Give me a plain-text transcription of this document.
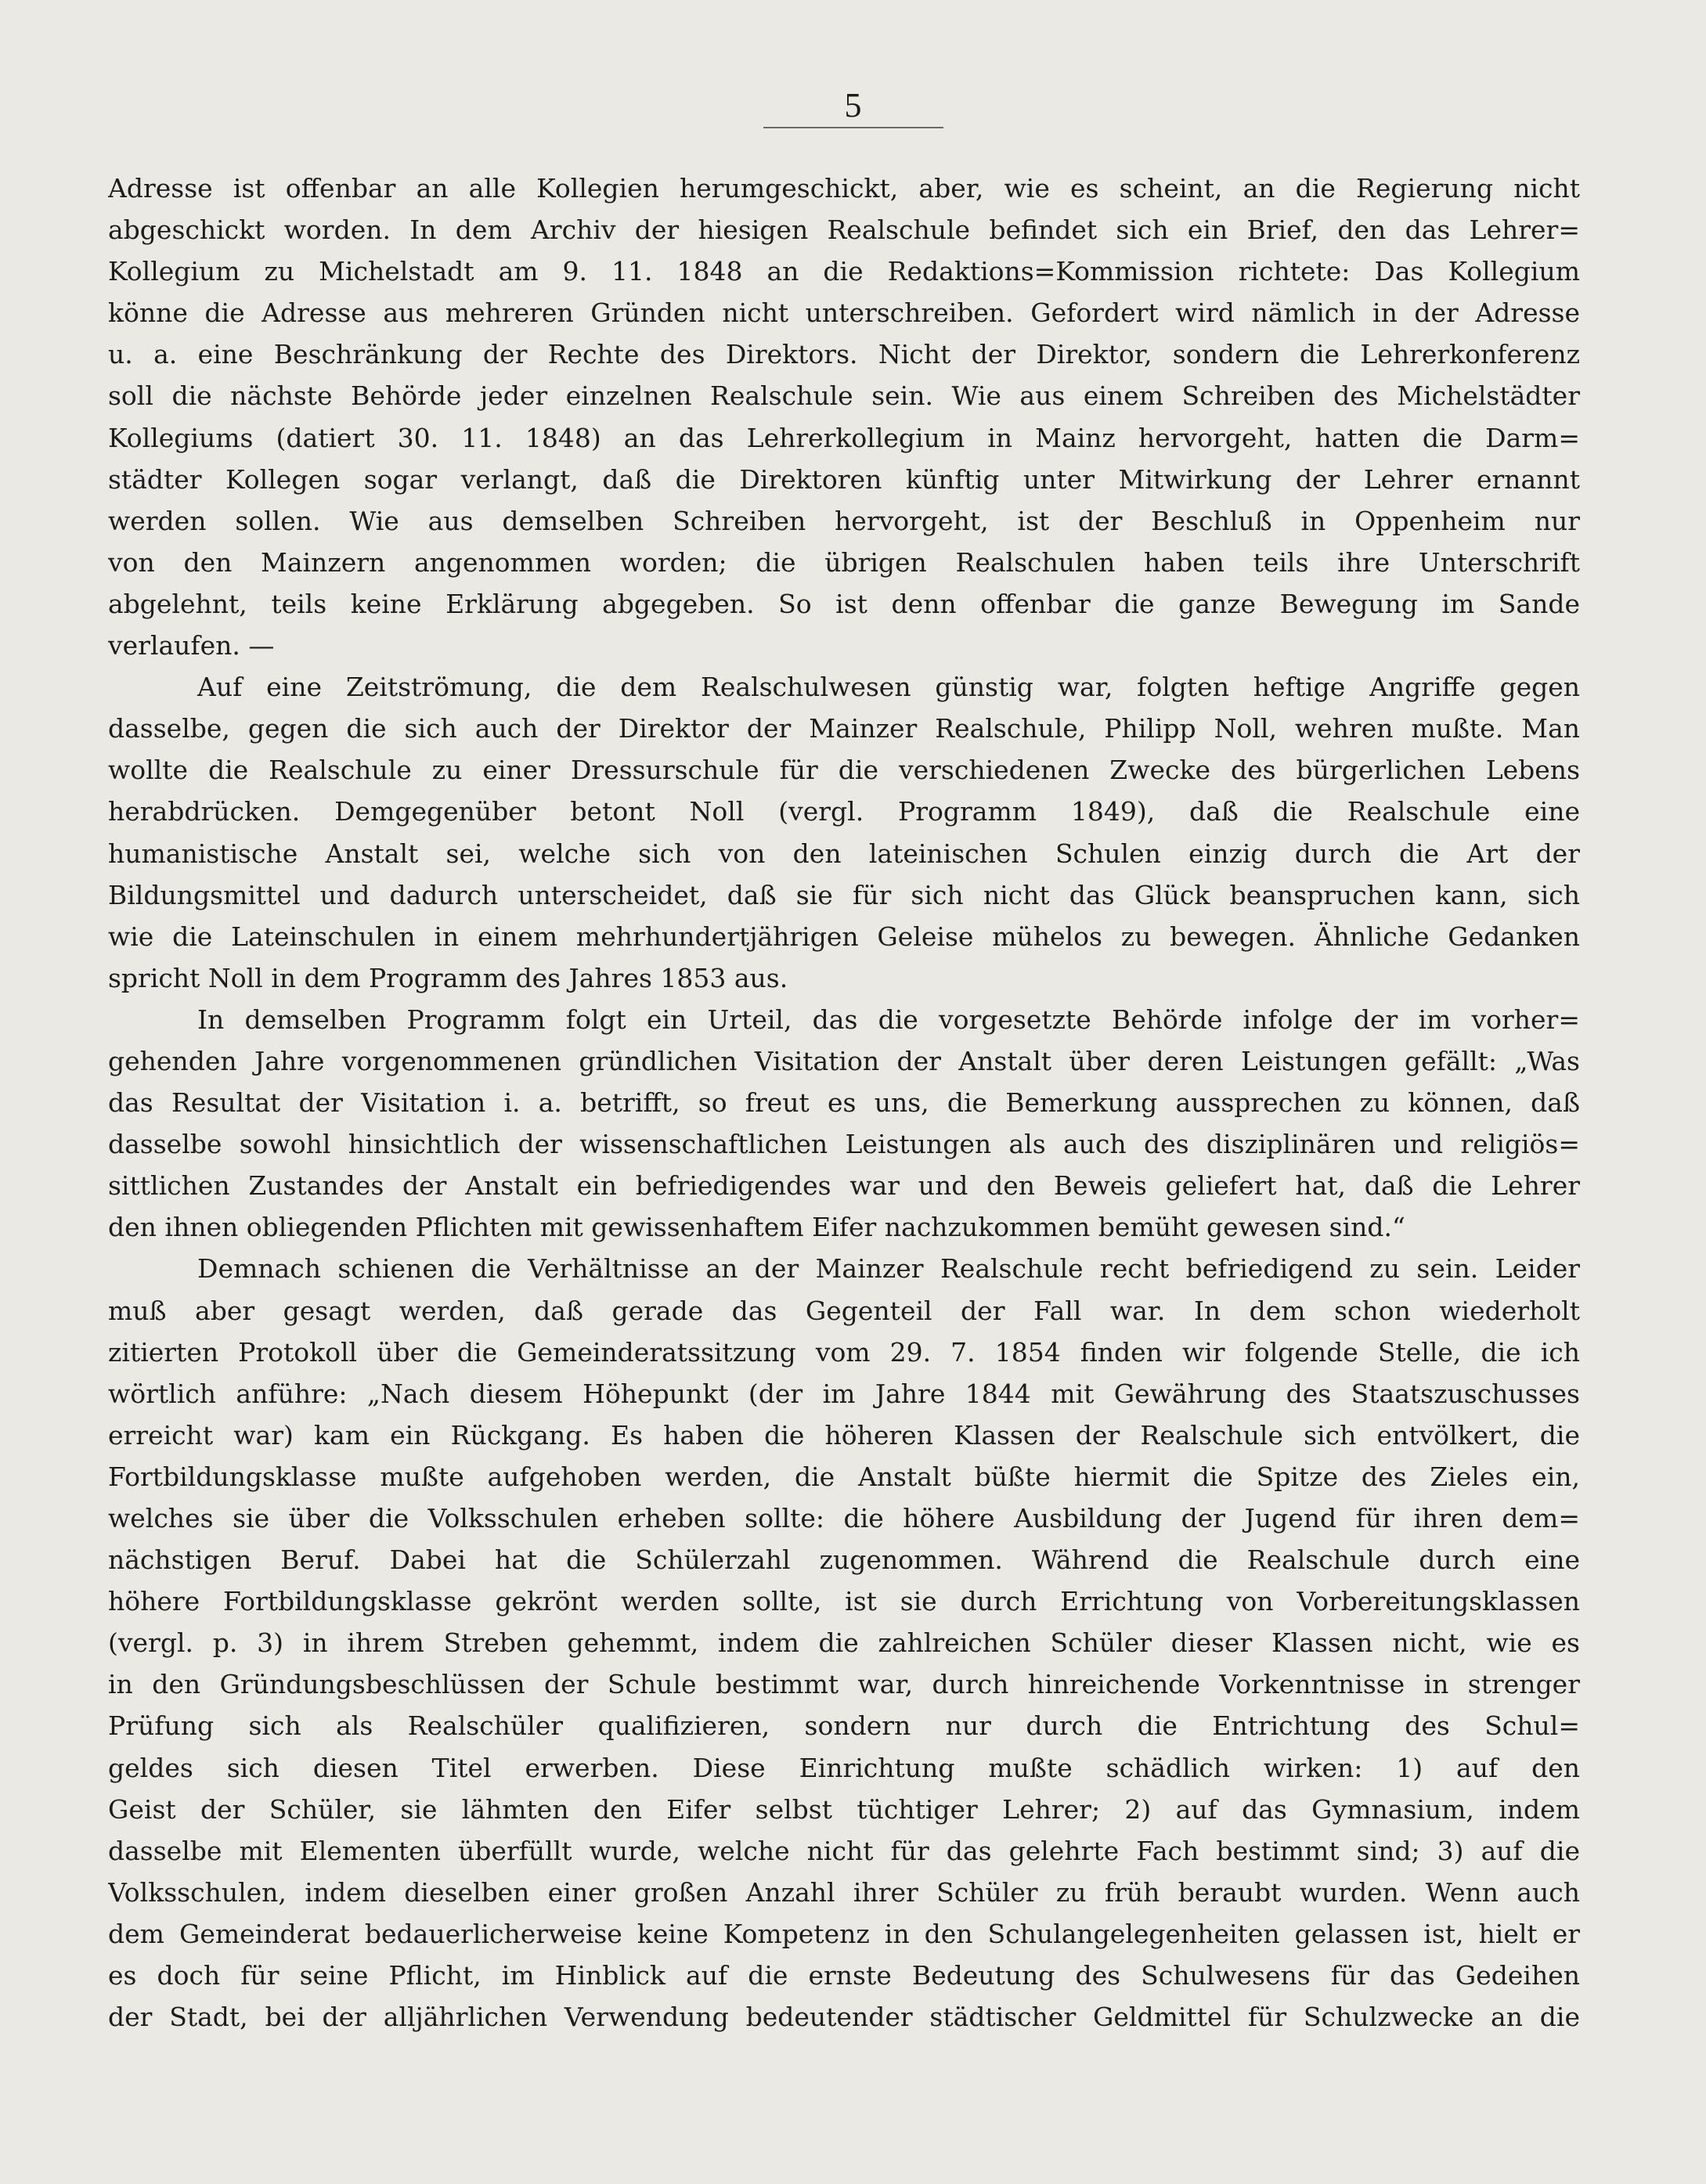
5
Adresse ist offenbar an alle Kollegien herumgeschickt, aber, wie es scheint, an die Regierung nicht
abgeschickt worden. In dem Archiv der hiesigen Realschule befindet sich ein Brief, den das Lehrer=
Kollegium zu Michelstadt am 9. 11. 1848 an die Redaktions=Kommission richtete: Das Kollegium
könne die Adresse aus mehreren Gründen nicht unterschreiben. Gefordert wird nämlich in der Adresse
u. a. eine Beschränkung der Rechte des Direktors. Nicht der Direktor, sondern die Lehrerkonferenz
soll die nächste Behörde jeder einzelnen Realschule sein. Wie aus einem Schreiben des Michelstädter
Kollegiums (datiert 30. 11. 1848) an das Lehrerkollegium in Mainz hervorgeht, hatten die Darm=
städter Kollegen sogar verlangt, daß die Direktoren künftig unter Mitwirkung der Lehrer ernannt
werden sollen. Wie aus demselben Schreiben hervorgeht, ist der Beschluß in Oppenheim nur
von den Mainzern angenommen worden; die übrigen Realschulen haben teils ihre Unterschrift
abgelehnt, teils keine Erklärung abgegeben. So ist denn offenbar die ganze Bewegung im Sande
verlaufen. —
Auf eine Zeitströmung, die dem Realschulwesen günstig war, folgten heftige Angriffe gegen
dasselbe, gegen die sich auch der Direktor der Mainzer Realschule, Philipp Noll, wehren mußte. Man
wollte die Realschule zu einer Dressurschule für die verschiedenen Zwecke des bürgerlichen Lebens
herabdrücken. Demgegenüber betont Noll (vergl. Programm 1849), daß die Realschule eine
humanistische Anstalt sei, welche sich von den lateinischen Schulen einzig durch die Art der
Bildungsmittel und dadurch unterscheidet, daß sie für sich nicht das Glück beanspruchen kann, sich
wie die Lateinschulen in einem mehrhundertjährigen Geleise mühelos zu bewegen. Ähnliche Gedanken
spricht Noll in dem Programm des Jahres 1853 aus.
In demselben Programm folgt ein Urteil, das die vorgesetzte Behörde infolge der im vorher=
gehenden Jahre vorgenommenen gründlichen Visitation der Anstalt über deren Leistungen gefällt: „Was
das Resultat der Visitation i. a. betrifft, so freut es uns, die Bemerkung aussprechen zu können, daß
dasselbe sowohl hinsichtlich der wissenschaftlichen Leistungen als auch des disziplinären und religiös=
sittlichen Zustandes der Anstalt ein befriedigendes war und den Beweis geliefert hat, daß die Lehrer
den ihnen obliegenden Pflichten mit gewissenhaftem Eifer nachzukommen bemüht gewesen sind.“
Demnach schienen die Verhältnisse an der Mainzer Realschule recht befriedigend zu sein. Leider
muß aber gesagt werden, daß gerade das Gegenteil der Fall war. In dem schon wiederholt
zitierten Protokoll über die Gemeinderatssitzung vom 29. 7. 1854 finden wir folgende Stelle, die ich
wörtlich anführe: „Nach diesem Höhepunkt (der im Jahre 1844 mit Gewährung des Staatszuschusses
erreicht war) kam ein Rückgang. Es haben die höheren Klassen der Realschule sich entvölkert, die
Fortbildungsklasse mußte aufgehoben werden, die Anstalt büßte hiermit die Spitze des Zieles ein,
welches sie über die Volksschulen erheben sollte: die höhere Ausbildung der Jugend für ihren dem=
nächstigen Beruf. Dabei hat die Schülerzahl zugenommen. Während die Realschule durch eine
höhere Fortbildungsklasse gekrönt werden sollte, ist sie durch Errichtung von Vorbereitungsklassen
(vergl. p. 3) in ihrem Streben gehemmt, indem die zahlreichen Schüler dieser Klassen nicht, wie es
in den Gründungsbeschlüssen der Schule bestimmt war, durch hinreichende Vorkenntnisse in strenger
Prüfung sich als Realschüler qualifizieren, sondern nur durch die Entrichtung des Schul=
geldes sich diesen Titel erwerben. Diese Einrichtung mußte schädlich wirken: 1) auf den
Geist der Schüler, sie lähmten den Eifer selbst tüchtiger Lehrer; 2) auf das Gymnasium, indem
dasselbe mit Elementen überfüllt wurde, welche nicht für das gelehrte Fach bestimmt sind; 3) auf die
Volksschulen, indem dieselben einer großen Anzahl ihrer Schüler zu früh beraubt wurden. Wenn auch
dem Gemeinderat bedauerlicherweise keine Kompetenz in den Schulangelegenheiten gelassen ist, hielt er
es doch für seine Pflicht, im Hinblick auf die ernste Bedeutung des Schulwesens für das Gedeihen
der Stadt, bei der alljährlichen Verwendung bedeutender städtischer Geldmittel für Schulzwecke an die
